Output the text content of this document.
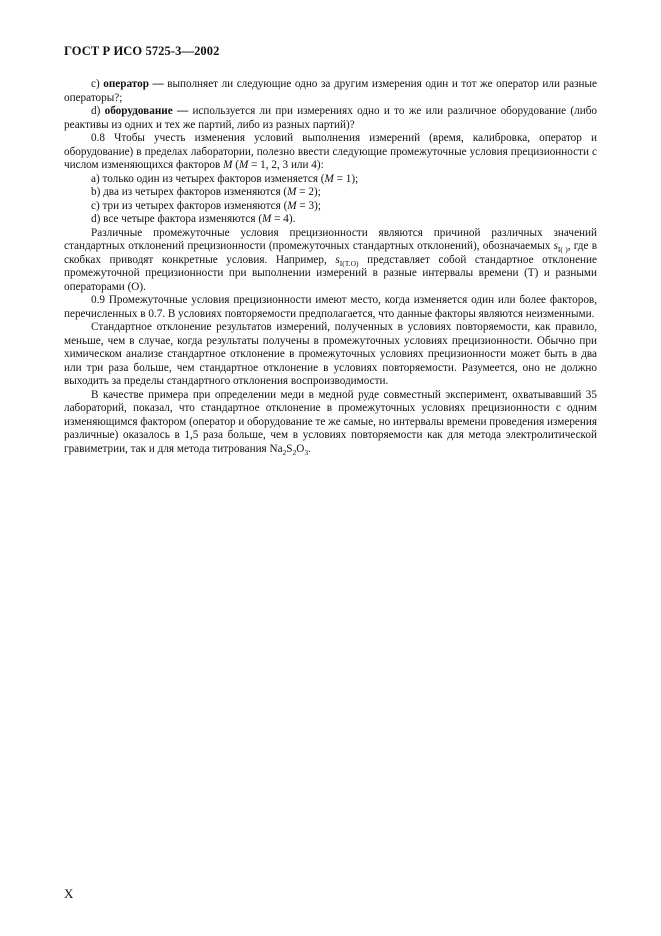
ГОСТ Р ИСО 5725-3—2002

с) оператор — выполняет ли следующие одно за другим измерения один и тот же оператор или разные операторы?;

d) оборудование — используется ли при измерениях одно и то же или различное оборудование (либо реактивы из одних и тех же партий, либо из разных партий)?

0.8 Чтобы учесть изменения условий выполнения измерений (время, калибровка, оператор и оборудование) в пределах лаборатории, полезно ввести следующие промежуточные условия прецизионности с числом изменяющихся факторов M (M = 1, 2, 3 или 4):

а) только один из четырех факторов изменяется (M = 1);

b) два из четырех факторов изменяются (M = 2);

с) три из четырех факторов изменяются (M = 3);

d) все четыре фактора изменяются (M = 4).

Различные промежуточные условия прецизионности являются причиной различных значений стандартных отклонений прецизионности (промежуточных стандартных отклонений), обозначаемых $s_{I( )}$, где в скобках приводят конкретные условия. Например, $s_{I(T.O)}$ представляет собой стандартное отклонение промежуточной прецизионности при выполнении измерений в разные интервалы времени (Т) и разными операторами (О).

0.9 Промежуточные условия прецизионности имеют место, когда изменяется один или более факторов, перечисленных в 0.7. В условиях повторяемости предполагается, что данные факторы являются неизменными.

Стандартное отклонение результатов измерений, полученных в условиях повторяемости, как правило, меньше, чем в случае, когда результаты получены в промежуточных условиях прецизионности. Обычно при химическом анализе стандартное отклонение в промежуточных условиях прецизионности может быть в два или три раза больше, чем стандартное отклонение в условиях повторяемости. Разумеется, оно не должно выходить за пределы стандартного отклонения воспроизводимости.

В качестве примера при определении меди в медной руде совместный эксперимент, охватывавший 35 лабораторий, показал, что стандартное отклонение в промежуточных условиях прецизионности с одним изменяющимся фактором (оператор и оборудование те же самые, но интервалы времени проведения измерения различные) оказалось в 1,5 раза больше, чем в условиях повторяемости как для метода электролитической гравиметрии, так и для метода титрования $Na_2S_2O_3$.

X
